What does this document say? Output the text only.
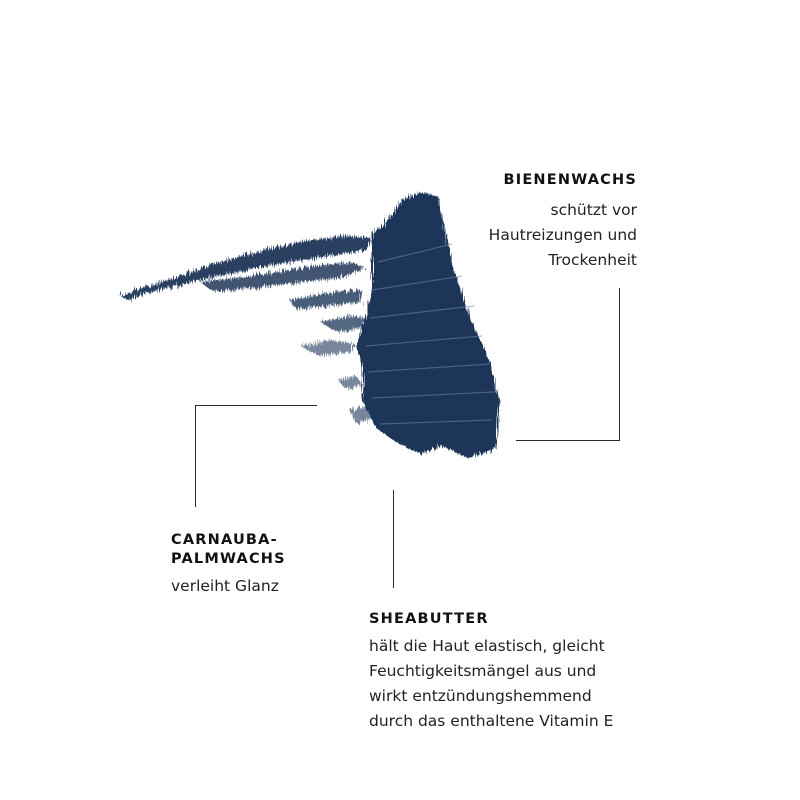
BIENENWACHS
schützt vor
Hautreizungen und
Trockenheit
CARNAUBA-
PALMWACHS
verleiht Glanz
SHEABUTTER
hält die Haut elastisch, gleicht
Feuchtigkeitsmängel aus und
wirkt entzündungshemmend
durch das enthaltene Vitamin E
